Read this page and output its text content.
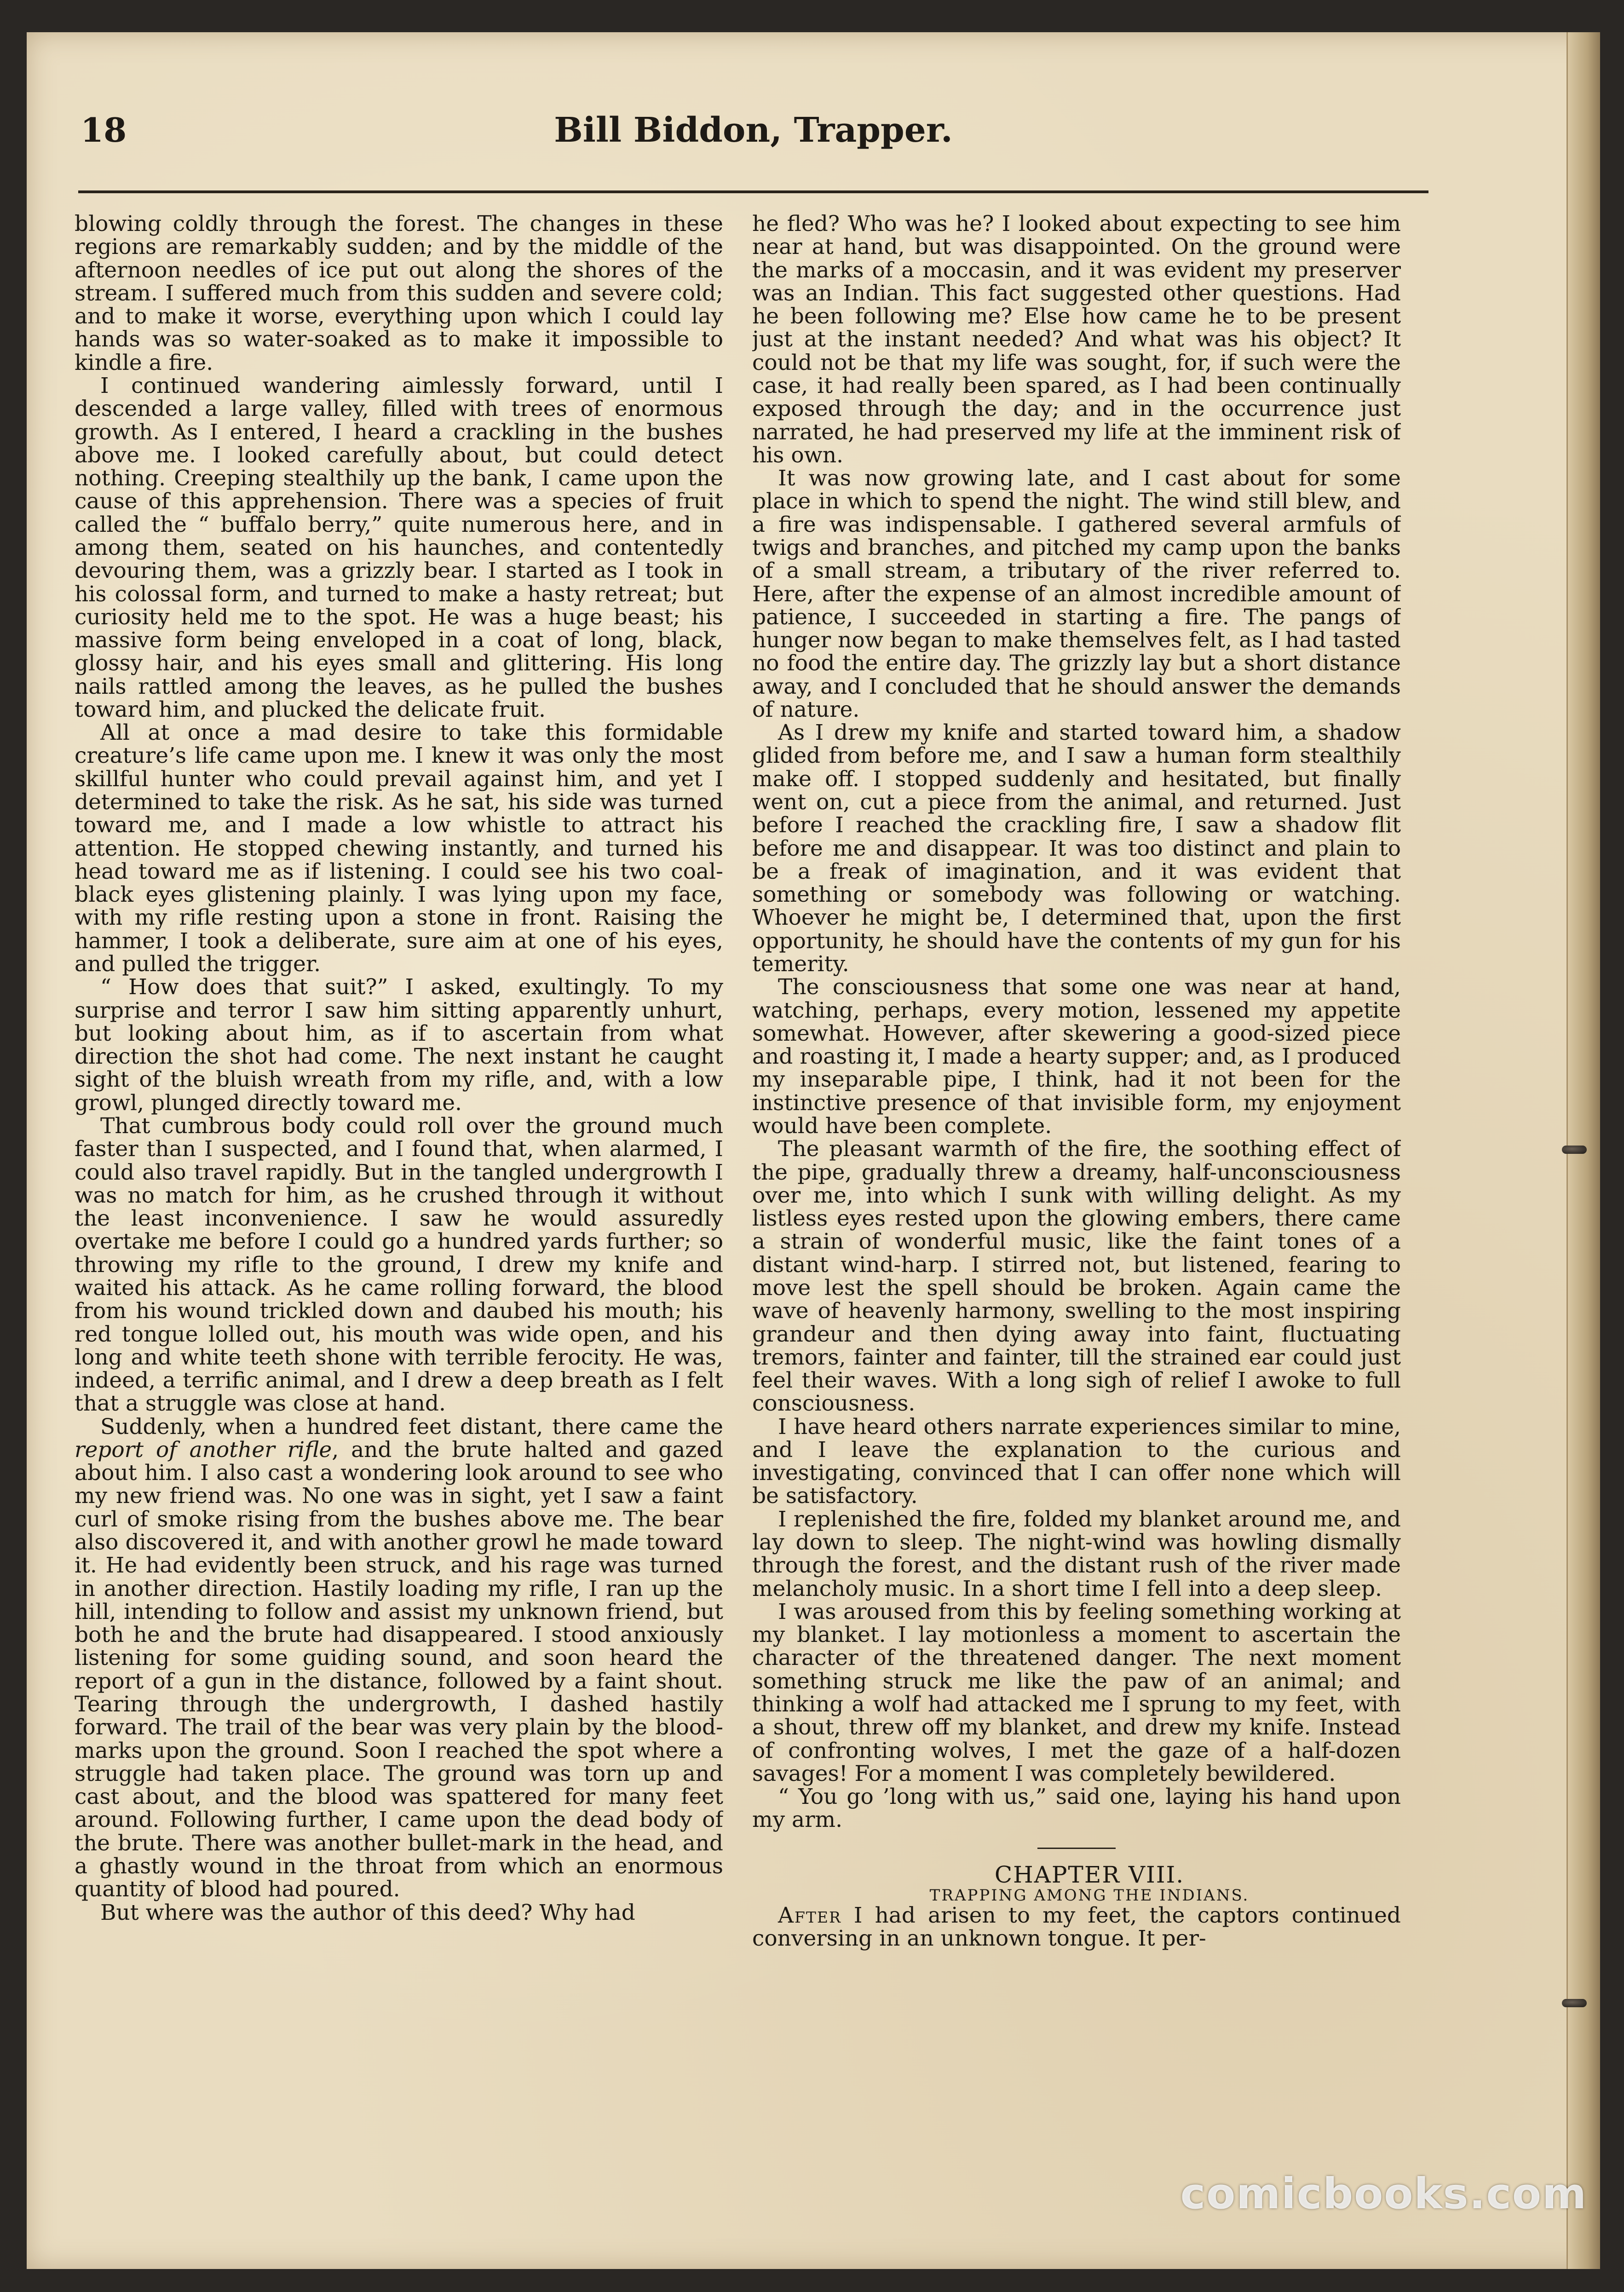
18	Bill Biddon, Trapper.

blowing coldly through the forest. The changes in these regions are remarkably sudden; and by the middle of the afternoon needles of ice put out along the shores of the stream. I suffered much from this sudden and severe cold; and to make it worse, everything upon which I could lay hands was so water-soaked as to make it impossible to kindle a fire.

I continued wandering aimlessly forward, until I descended a large valley, filled with trees of enormous growth. As I entered, I heard a crackling in the bushes above me. I looked carefully about, but could detect nothing. Creeping stealthily up the bank, I came upon the cause of this apprehension. There was a species of fruit called the “ buffalo berry,” quite numerous here, and in among them, seated on his haunches, and contentedly devouring them, was a grizzly bear. I started as I took in his colossal form, and turned to make a hasty retreat; but curiosity held me to the spot. He was a huge beast; his massive form being enveloped in a coat of long, black, glossy hair, and his eyes small and glittering. His long nails rattled among the leaves, as he pulled the bushes toward him, and plucked the delicate fruit.

All at once a mad desire to take this formidable creature’s life came upon me. I knew it was only the most skillful hunter who could prevail against him, and yet I determined to take the risk. As he sat, his side was turned toward me, and I made a low whistle to attract his attention. He stopped chewing instantly, and turned his head toward me as if listening. I could see his two coal-black eyes glistening plainly. I was lying upon my face, with my rifle resting upon a stone in front. Raising the hammer, I took a deliberate, sure aim at one of his eyes, and pulled the trigger.

“ How does that suit?” I asked, exultingly. To my surprise and terror I saw him sitting apparently unhurt, but looking about him, as if to ascertain from what direction the shot had come. The next instant he caught sight of the bluish wreath from my rifle, and, with a low growl, plunged directly toward me.

That cumbrous body could roll over the ground much faster than I suspected, and I found that, when alarmed, I could also travel rapidly. But in the tangled undergrowth I was no match for him, as he crushed through it without the least inconvenience. I saw he would assuredly overtake me before I could go a hundred yards further; so throwing my rifle to the ground, I drew my knife and waited his attack. As he came rolling forward, the blood from his wound trickled down and daubed his mouth; his red tongue lolled out, his mouth was wide open, and his long and white teeth shone with terrible ferocity. He was, indeed, a terrific animal, and I drew a deep breath as I felt that a struggle was close at hand.

Suddenly, when a hundred feet distant, there came the report of another rifle, and the brute halted and gazed about him. I also cast a wondering look around to see who my new friend was. No one was in sight, yet I saw a faint curl of smoke rising from the bushes above me. The bear also discovered it, and with another growl he made toward it. He had evidently been struck, and his rage was turned in another direction. Hastily loading my rifle, I ran up the hill, intending to follow and assist my unknown friend, but both he and the brute had disappeared. I stood anxiously listening for some guiding sound, and soon heard the report of a gun in the distance, followed by a faint shout. Tearing through the undergrowth, I dashed hastily forward. The trail of the bear was very plain by the blood-marks upon the ground. Soon I reached the spot where a struggle had taken place. The ground was torn up and cast about, and the blood was spattered for many feet around. Following further, I came upon the dead body of the brute. There was another bullet-mark in the head, and a ghastly wound in the throat from which an enormous quantity of blood had poured.

But where was the author of this deed? Why had

he fled? Who was he? I looked about expecting to see him near at hand, but was disappointed. On the ground were the marks of a moccasin, and it was evident my preserver was an Indian. This fact suggested other questions. Had he been following me? Else how came he to be present just at the instant needed? And what was his object? It could not be that my life was sought, for, if such were the case, it had really been spared, as I had been continually exposed through the day; and in the occurrence just narrated, he had preserved my life at the imminent risk of his own.

It was now growing late, and I cast about for some place in which to spend the night. The wind still blew, and a fire was indispensable. I gathered several armfuls of twigs and branches, and pitched my camp upon the banks of a small stream, a tributary of the river referred to. Here, after the expense of an almost incredible amount of patience, I succeeded in starting a fire. The pangs of hunger now began to make themselves felt, as I had tasted no food the entire day. The grizzly lay but a short distance away, and I concluded that he should answer the demands of nature.

As I drew my knife and started toward him, a shadow glided from before me, and I saw a human form stealthily make off. I stopped suddenly and hesitated, but finally went on, cut a piece from the animal, and returned. Just before I reached the crackling fire, I saw a shadow flit before me and disappear. It was too distinct and plain to be a freak of imagination, and it was evident that something or somebody was following or watching. Whoever he might be, I determined that, upon the first opportunity, he should have the contents of my gun for his temerity.

The consciousness that some one was near at hand, watching, perhaps, every motion, lessened my appetite somewhat. However, after skewering a good-sized piece and roasting it, I made a hearty supper; and, as I produced my inseparable pipe, I think, had it not been for the instinctive presence of that invisible form, my enjoyment would have been complete.

The pleasant warmth of the fire, the soothing effect of the pipe, gradually threw a dreamy, half-unconsciousness over me, into which I sunk with willing delight. As my listless eyes rested upon the glowing embers, there came a strain of wonderful music, like the faint tones of a distant wind-harp. I stirred not, but listened, fearing to move lest the spell should be broken. Again came the wave of heavenly harmony, swelling to the most inspiring grandeur and then dying away into faint, fluctuating tremors, fainter and fainter, till the strained ear could just feel their waves. With a long sigh of relief I awoke to full consciousness.

I have heard others narrate experiences similar to mine, and I leave the explanation to the curious and investigating, convinced that I can offer none which will be satisfactory.

I replenished the fire, folded my blanket around me, and lay down to sleep. The night-wind was howling dismally through the forest, and the distant rush of the river made melancholy music. In a short time I fell into a deep sleep.

I was aroused from this by feeling something working at my blanket. I lay motionless a moment to ascertain the character of the threatened danger. The next moment something struck me like the paw of an animal; and thinking a wolf had attacked me I sprung to my feet, with a shout, threw off my blanket, and drew my knife. Instead of confronting wolves, I met the gaze of a half-dozen savages! For a moment I was completely bewildered.

“ You go ’long with us,” said one, laying his hand upon my arm.

CHAPTER VIII.

TRAPPING AMONG THE INDIANS.

After I had arisen to my feet, the captors continued conversing in an unknown tongue. It per-

comicbooks.com
